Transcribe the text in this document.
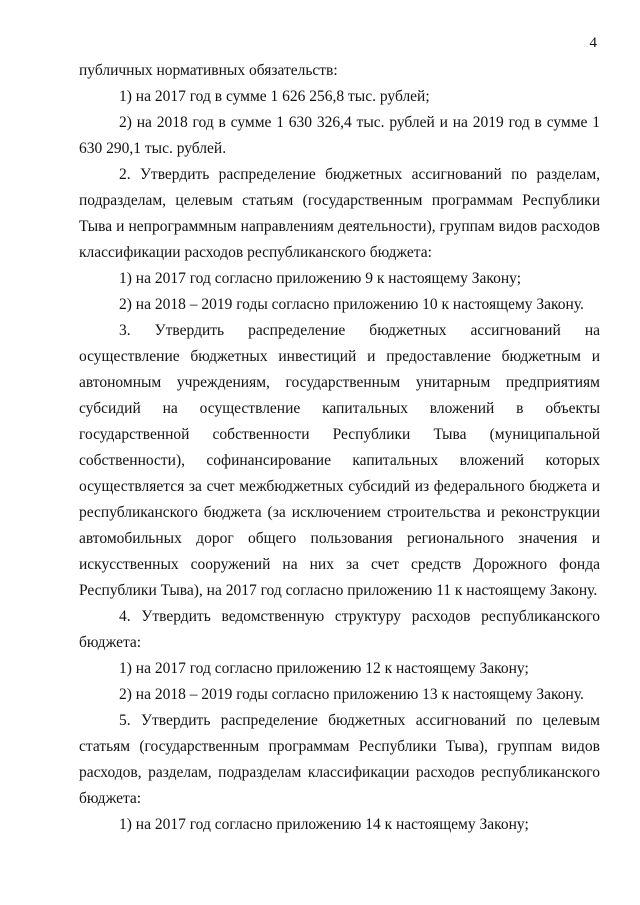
4

публичных нормативных обязательств:

1) на 2017 год в сумме 1 626 256,8 тыс. рублей;

2) на 2018 год в сумме 1 630 326,4 тыс. рублей и на 2019 год в сумме 1 630 290,1 тыс. рублей.

2. Утвердить распределение бюджетных ассигнований по разделам, подразделам, целевым статьям (государственным программам Республики Тыва и непрограммным направлениям деятельности), группам видов расходов классификации расходов республиканского бюджета:

1) на 2017 год согласно приложению 9 к настоящему Закону;

2) на 2018 – 2019 годы согласно приложению 10 к настоящему Закону.

3. Утвердить распределение бюджетных ассигнований на осуществление бюджетных инвестиций и предоставление бюджетным и автономным учреждениям, государственным унитарным предприятиям субсидий на осуществление капитальных вложений в объекты государственной собственности Республики Тыва (муниципальной собственности), софинансирование капитальных вложений которых осуществляется за счет межбюджетных субсидий из федерального бюджета и республиканского бюджета (за исключением строительства и реконструкции автомобильных дорог общего пользования регионального значения и искусственных сооружений на них за счет средств Дорожного фонда Республики Тыва), на 2017 год согласно приложению 11 к настоящему Закону.

4. Утвердить ведомственную структуру расходов республиканского бюджета:

1) на 2017 год согласно приложению 12 к настоящему Закону;

2) на 2018 – 2019 годы согласно приложению 13 к настоящему Закону.

5. Утвердить распределение бюджетных ассигнований по целевым статьям (государственным программам Республики Тыва), группам видов расходов, разделам, подразделам классификации расходов республиканского бюджета:

1) на 2017 год согласно приложению 14 к настоящему Закону;
